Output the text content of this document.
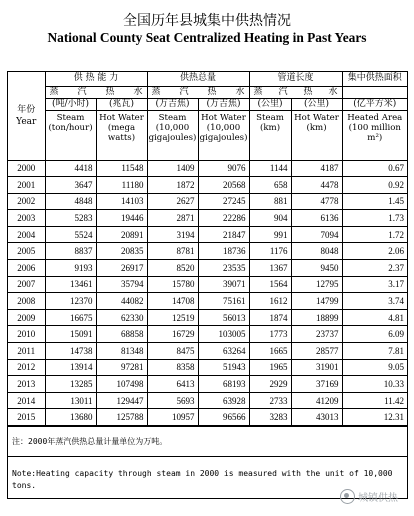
全国历年县城集中供热情况
National County Seat Centralized Heating in Past Years
年份
Year	供 热 能 力		供热总量		管道长度		集中供热面积

	蒸 汽 热 水		蒸 汽 热 水		蒸 汽 热 水		

	(吨/小时)	(兆瓦)	(万吉焦)	(万吉焦)	(公里)	(公里)	(亿平方米)
	Steam (ton/hour)	Hot Water (mega watts)	Steam (10,000 gigajoules)	Hot Water (10,000 gigajoules)	Steam (km)	Hot Water (km)	Heated Area (100 million m²)
2000	4418	11548	1409	9076	1144	4187	0.67
2001	3647	11180	1872	20568	658	4478	0.92
2002	4848	14103	2627	27245	881	4778	1.45
2003	5283	19446	2871	22286	904	6136	1.73
2004	5524	20891	3194	21847	991	7094	1.72
2005	8837	20835	8781	18736	1176	8048	2.06
2006	9193	26917	8520	23535	1367	9450	2.37
2007	13461	35794	15780	39071	1564	12795	3.17
2008	12370	44082	14708	75161	1612	14799	3.74
2009	16675	62330	12519	56013	1874	18899	4.81
2010	15091	68858	16729	103005	1773	23737	6.09
2011	14738	81348	8475	63264	1665	28577	7.81
2012	13914	97281	8358	51943	1965	31901	9.05
2013	13285	107498	6413	68193	2929	37169	10.33
2014	13011	129447	5693	63928	2733	41209	11.42
2015	13680	125788	10957	96566	3283	43013	12.31
注：2000年蒸汽供热总量计量单位为万吨。
Note:Heating capacity through steam in 2000 is measured with the unit of 10,000 tons.
城镇供热
